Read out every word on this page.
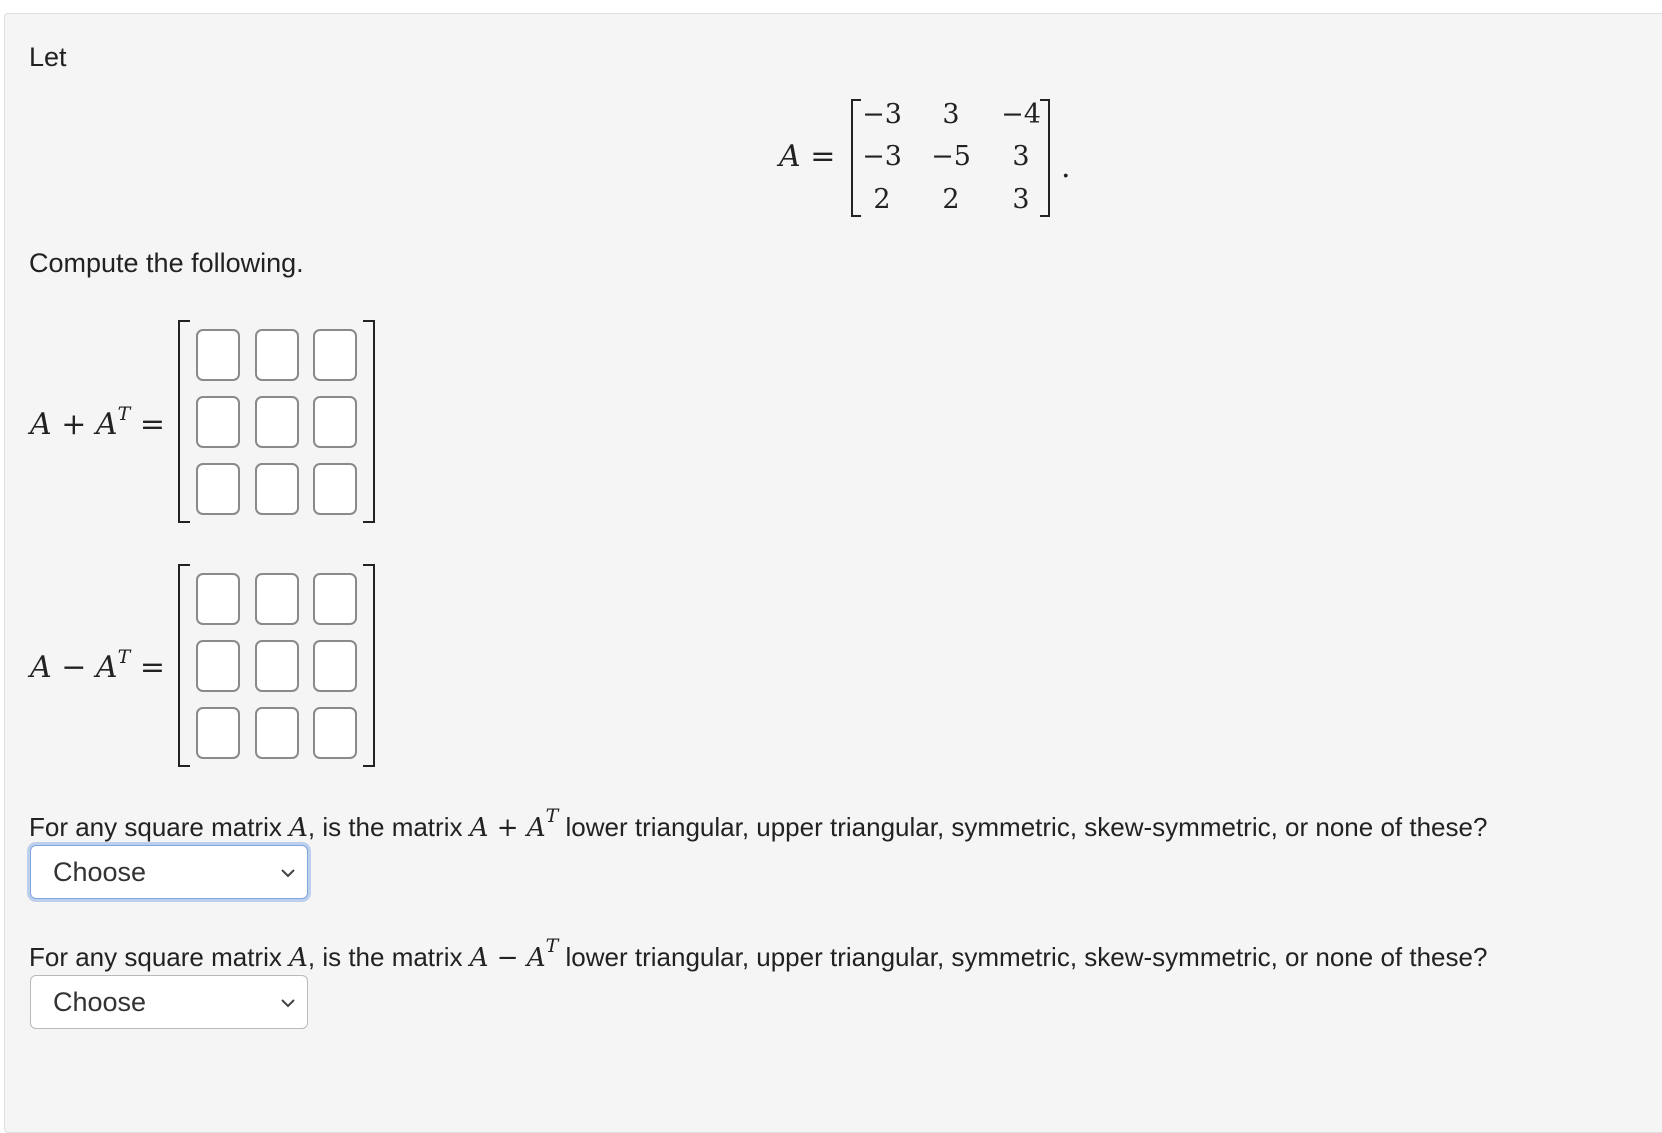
Let
A =
−3	3	−4
−3	−5	3
2	2	3
.
Compute the following.
$A + A^T$ =
$A - A^T$ =
For any square matrix A, is the matrix $A + A^T$ lower triangular, upper triangular, symmetric, skew-symmetric, or none of these?
Choose
For any square matrix A, is the matrix $A - A^T$ lower triangular, upper triangular, symmetric, skew-symmetric, or none of these?
Choose
